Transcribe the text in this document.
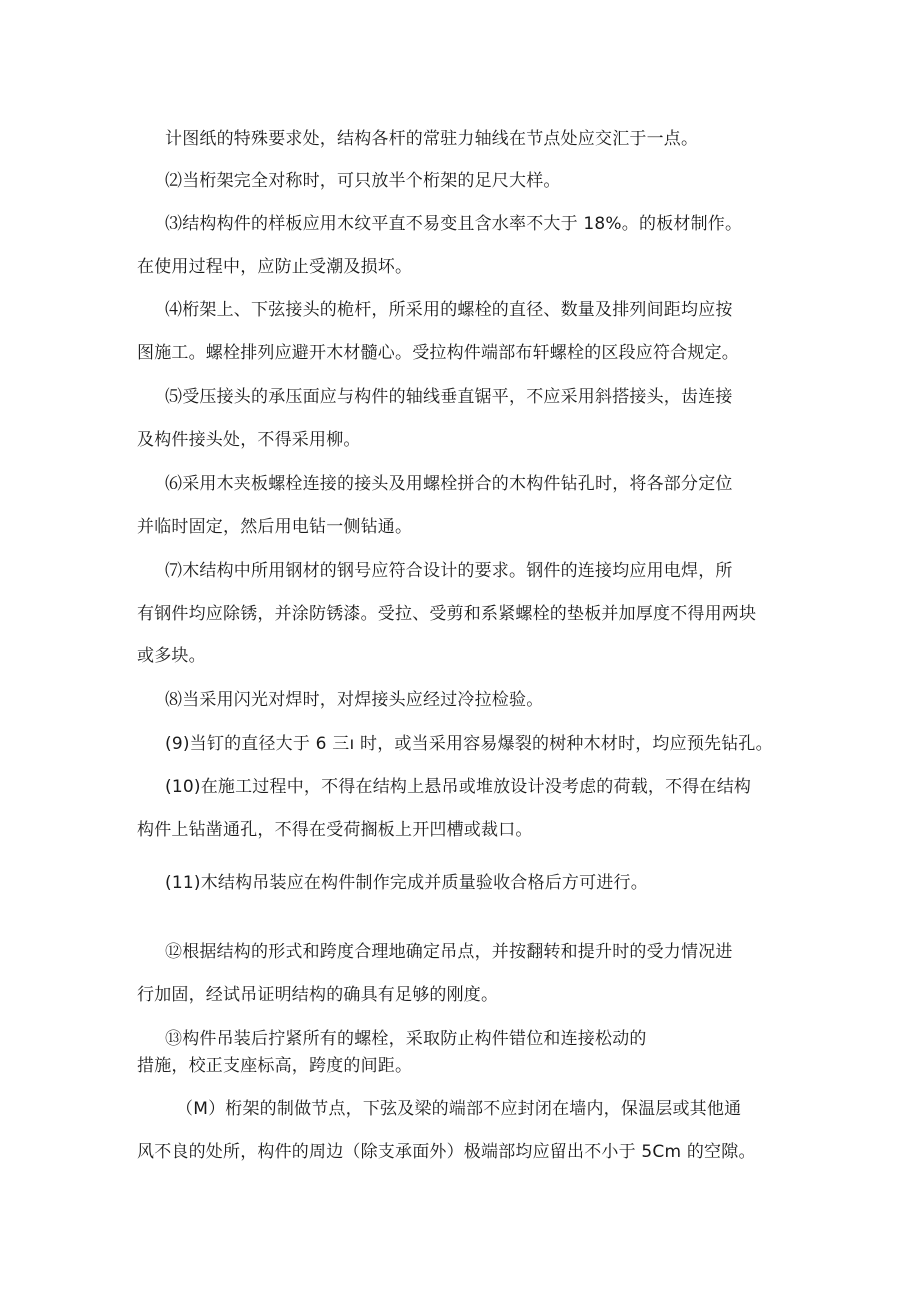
计图纸的特殊要求处，结构各杆的常驻力轴线在节点处应交汇于一点。
⑵当桁架完全对称时，可只放半个桁架的足尺大样。
⑶结构构件的样板应用木纹平直不易变且含水率不大于 18%。的板材制作。
在使用过程中，应防止受潮及损坏。
⑷桁架上、下弦接头的桅杆，所采用的螺栓的直径、数量及排列间距均应按
图施工。螺栓排列应避开木材髓心。受拉构件端部布轩螺栓的区段应符合规定。
⑸受压接头的承压面应与构件的轴线垂直锯平，不应采用斜搭接头，齿连接
及构件接头处，不得采用柳。
⑹采用木夹板螺栓连接的接头及用螺栓拼合的木构件钻孔时，将各部分定位
并临时固定，然后用电钻一侧钻通。
⑺木结构中所用钢材的钢号应符合设计的要求。钢件的连接均应用电焊，所
有钢件均应除锈，并涂防锈漆。受拉、受剪和系紧螺栓的垫板并加厚度不得用两块
或多块。
⑻当采用闪光对焊时，对焊接头应经过冷拉检验。
(9)当钉的直径大于 6 三ı 时，或当采用容易爆裂的树种木材时，均应预先钻孔。
(10)在施工过程中，不得在结构上悬吊或堆放设计没考虑的荷载，不得在结构
构件上钻凿通孔，不得在受荷搁板上开凹槽或裁口。
(11)木结构吊装应在构件制作完成并质量验收合格后方可进行。
⑫根据结构的形式和跨度合理地确定吊点，并按翻转和提升时的受力情况进
行加固，经试吊证明结构的确具有足够的刚度。
⑬构件吊装后拧紧所有的螺栓，采取防止构件错位和连接松动的
措施，校正支座标高，跨度的间距。
（M）桁架的制做节点，下弦及梁的端部不应封闭在墙内，保温层或其他通
风不良的处所，构件的周边（除支承面外）极端部均应留出不小于 5Cm 的空隙。
